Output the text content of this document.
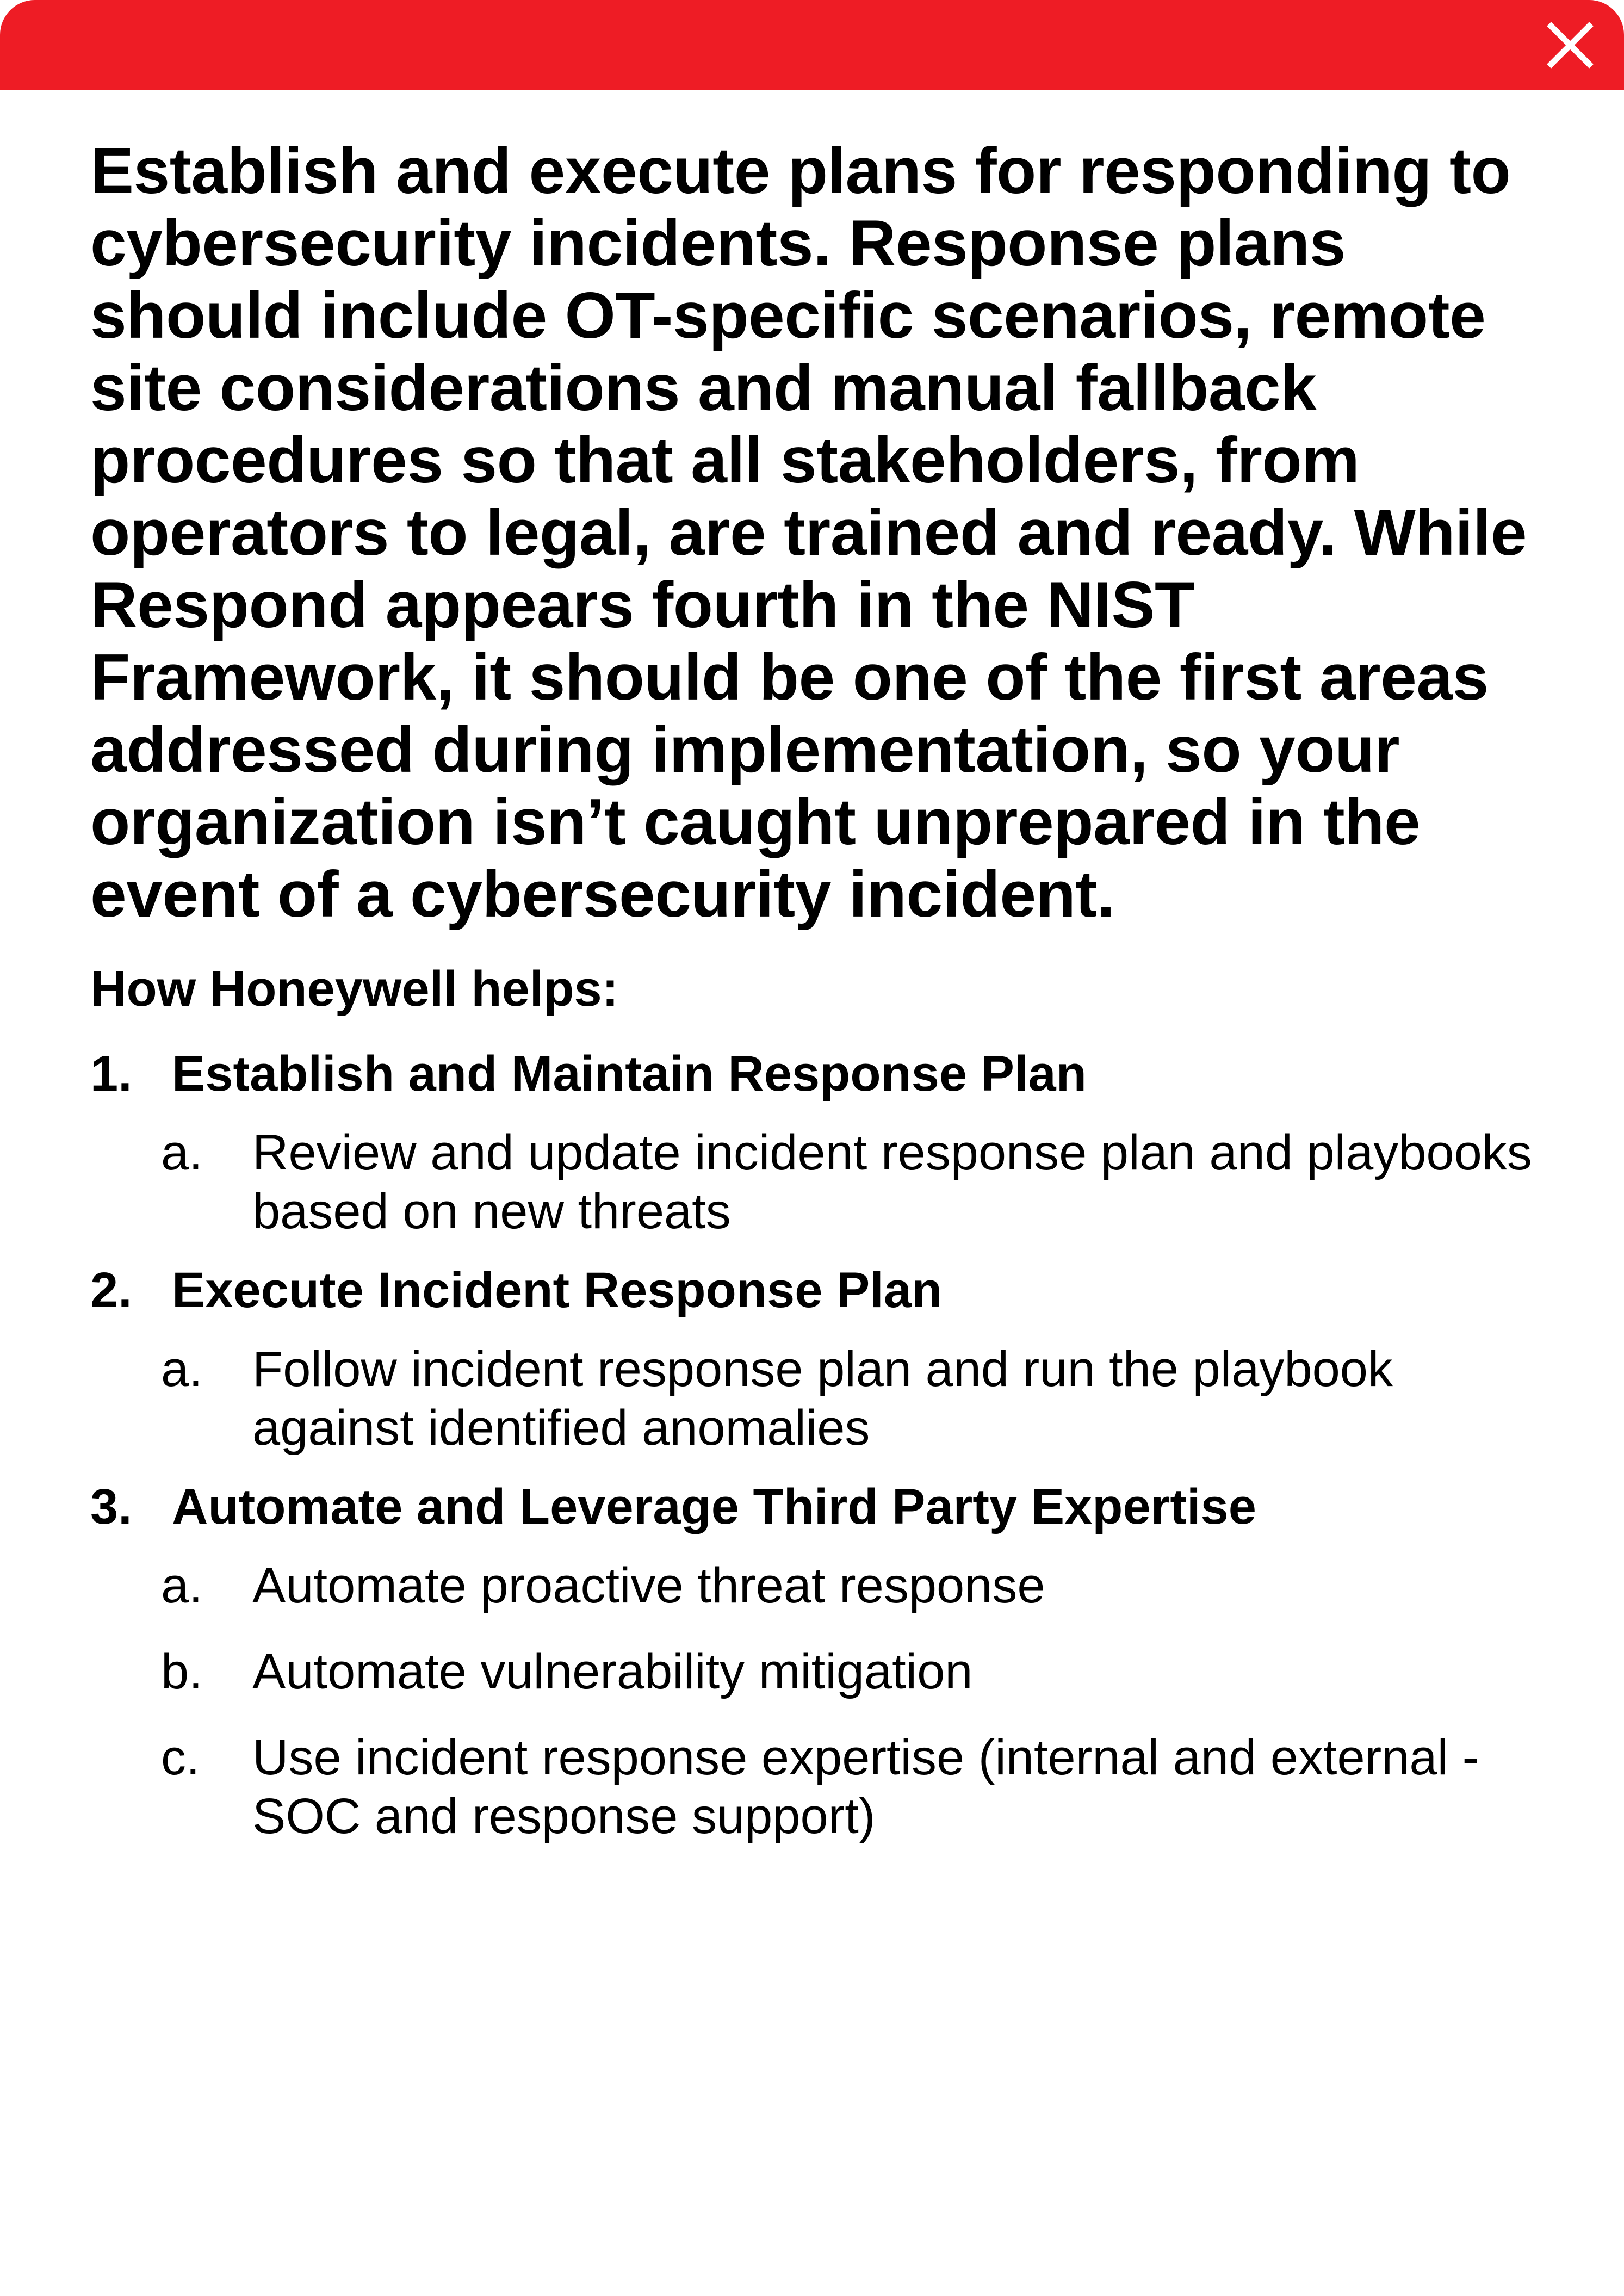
Establish and execute plans for responding to cybersecurity incidents. Response plans should include OT-specific scenarios, remote site considerations and manual fallback procedures so that all stakeholders, from operators to legal, are trained and ready. While Respond appears fourth in the NIST Framework, it should be one of the first areas addressed during implementation, so your organization isn’t caught unprepared in the event of a cybersecurity incident.

How Honeywell helps:
1. Establish and Maintain Response Plan
a. Review and update incident response plan and playbooks based on new threats
2. Execute Incident Response Plan
a. Follow incident response plan and run the playbook against identified anomalies
3. Automate and Leverage Third Party Expertise
a. Automate proactive threat response
b. Automate vulnerability mitigation
c.	Use incident response expertise (internal and external - SOC and response support)
